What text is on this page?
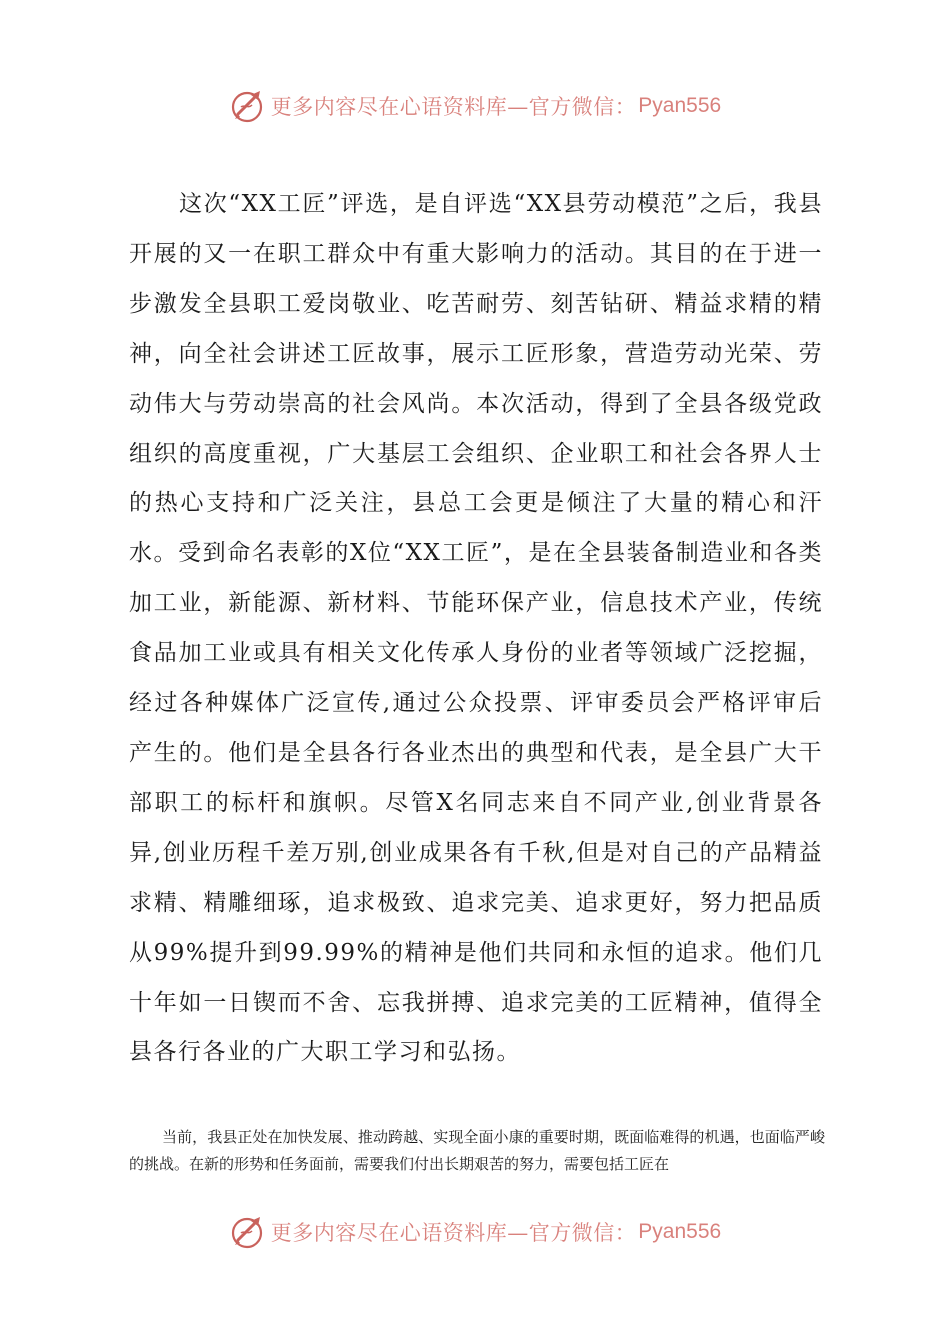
更多内容尽在心语资料库—官方微信： Pyan556

这次“XX工匠”评选，是自评选“XX县劳动模范”之后，我县开展的又一在职工群众中有重大影响力的活动。其目的在于进一步激发全县职工爱岗敬业、吃苦耐劳、刻苦钻研、精益求精的精神，向全社会讲述工匠故事，展示工匠形象，营造劳动光荣、劳动伟大与劳动崇高的社会风尚。本次活动，得到了全县各级党政组织的高度重视，广大基层工会组织、企业职工和社会各界人士的热心支持和广泛关注，县总工会更是倾注了大量的精心和汗水。受到命名表彰的X位“XX工匠”，是在全县装备制造业和各类加工业，新能源、新材料、节能环保产业，信息技术产业，传统食品加工业或具有相关文化传承人身份的业者等领域广泛挖掘，经过各种媒体广泛宣传,通过公众投票、评审委员会严格评审后产生的。他们是全县各行各业杰出的典型和代表，是全县广大干部职工的标杆和旗帜。尽管X名同志来自不同产业,创业背景各异,创业历程千差万别,创业成果各有千秋,但是对自己的产品精益求精、精雕细琢，追求极致、追求完美、追求更好，努力把品质从99%提升到99.99%的精神是他们共同和永恒的追求。他们几十年如一日锲而不舍、忘我拼搏、追求完美的工匠精神，值得全县各行各业的广大职工学习和弘扬。

当前，我县正处在加快发展、推动跨越、实现全面小康的重要时期，既面临难得的机遇，也面临严峻的挑战。在新的形势和任务面前，需要我们付出长期艰苦的努力，需要包括工匠在

更多内容尽在心语资料库—官方微信： Pyan556
